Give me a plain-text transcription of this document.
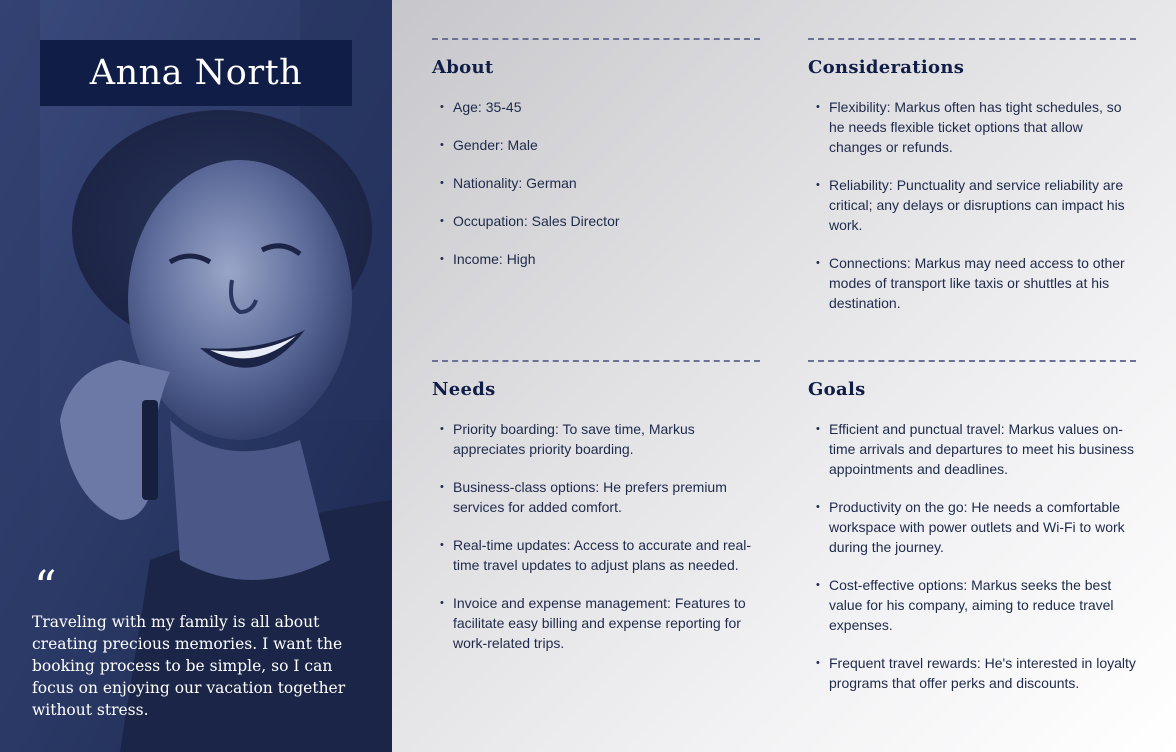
Anna North
“

Traveling with my family is all about creating precious memories. I want the booking process to be simple, so I can focus on enjoying our vacation together without stress.

About
• Age: 35-45
• Gender: Male
• Nationality: German
• Occupation: Sales Director
• Income: High
Considerations
• Flexibility: Markus often has tight schedules, so he needs flexible ticket options that allow changes or refunds.
• Reliability: Punctuality and service reliability are critical; any delays or disruptions can impact his work.
• Connections: Markus may need access to other modes of transport like taxis or shuttles at his destination.
Needs
• Priority boarding: To save time, Markus appreciates priority boarding.
• Business-class options: He prefers premium services for added comfort.
• Real-time updates: Access to accurate and real-time travel updates to adjust plans as needed.
• Invoice and expense management: Features to facilitate easy billing and expense reporting for work-related trips.
Goals
• Efficient and punctual travel: Markus values on-time arrivals and departures to meet his business appointments and deadlines.
• Productivity on the go: He needs a comfortable workspace with power outlets and Wi-Fi to work during the journey.
• Cost-effective options: Markus seeks the best value for his company, aiming to reduce travel expenses.
• Frequent travel rewards: He's interested in loyalty programs that offer perks and discounts.
